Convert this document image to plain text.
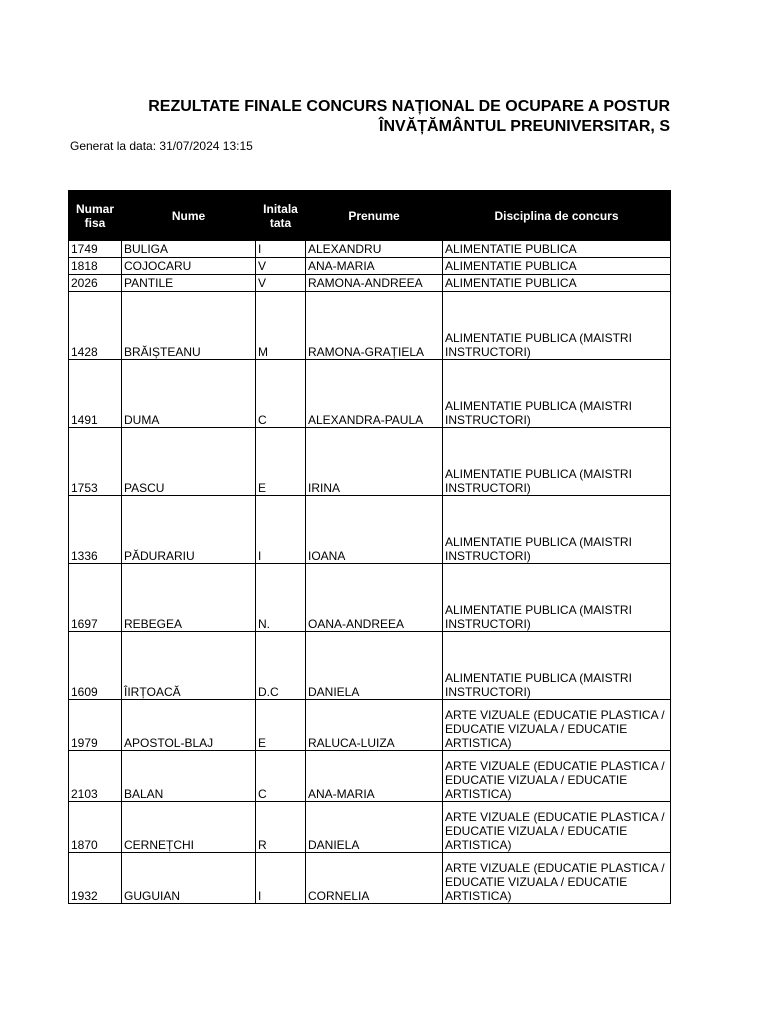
REZULTATE FINALE CONCURS NAȚIONAL DE OCUPARE A POSTUR
ÎNVĂȚĂMÂNTUL PREUNIVERSITAR, S
Generat la data: 31/07/2024 13:15
Numar fisa	Nume	Initala tata	Prenume	Disciplina de concurs
1749	BULIGA	I	ALEXANDRU	ALIMENTATIE PUBLICA
1818	COJOCARU	V	ANA-MARIA	ALIMENTATIE PUBLICA
2026	PANTILE	V	RAMONA-ANDREEA	ALIMENTATIE PUBLICA
1428	BRĂIȘTEANU	M	RAMONA-GRAȚIELA	ALIMENTATIE PUBLICA (MAISTRI INSTRUCTORI)
1491	DUMA	C	ALEXANDRA-PAULA	ALIMENTATIE PUBLICA (MAISTRI INSTRUCTORI)
1753	PASCU	E	IRINA	ALIMENTATIE PUBLICA (MAISTRI INSTRUCTORI)
1336	PĂDURARIU	I	IOANA	ALIMENTATIE PUBLICA (MAISTRI INSTRUCTORI)
1697	REBEGEA	N.	OANA-ANDREEA	ALIMENTATIE PUBLICA (MAISTRI INSTRUCTORI)
1609	ÎIRȚOACĂ	D.C	DANIELA	ALIMENTATIE PUBLICA (MAISTRI INSTRUCTORI)
1979	APOSTOL-BLAJ	E	RALUCA-LUIZA	ARTE VIZUALE (EDUCATIE PLASTICA / EDUCATIE VIZUALA / EDUCATIE ARTISTICA)
2103	BALAN	C	ANA-MARIA	ARTE VIZUALE (EDUCATIE PLASTICA / EDUCATIE VIZUALA / EDUCATIE ARTISTICA)
1870	CERNEȚCHI	R	DANIELA	ARTE VIZUALE (EDUCATIE PLASTICA / EDUCATIE VIZUALA / EDUCATIE ARTISTICA)
1932	GUGUIAN	I	CORNELIA	ARTE VIZUALE (EDUCATIE PLASTICA / EDUCATIE VIZUALA / EDUCATIE ARTISTICA)
